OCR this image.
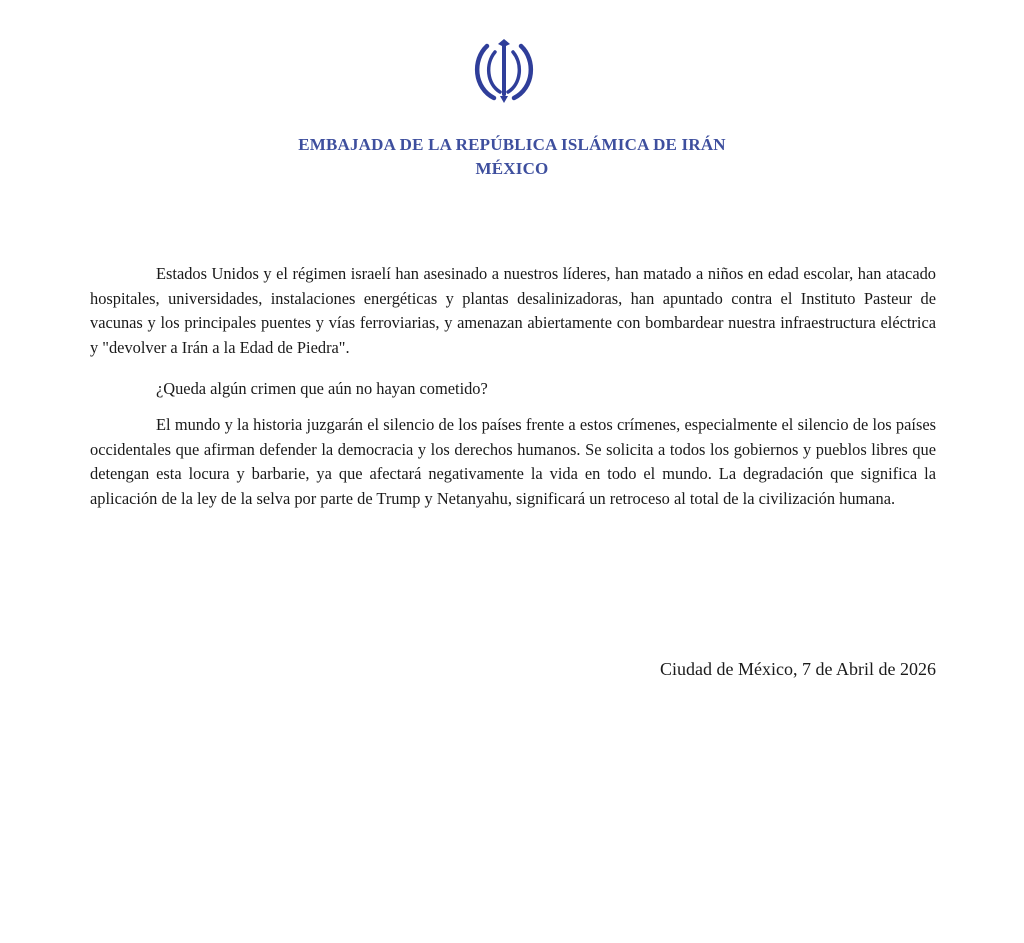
EMBAJADA DE LA REPÚBLICA ISLÁMICA DE IRÁN
MÉXICO

Estados Unidos y el régimen israelí han asesinado a nuestros líderes, han matado a niños en edad escolar, han atacado hospitales, universidades, instalaciones energéticas y plantas desalinizadoras, han apuntado contra el Instituto Pasteur de vacunas y los principales puentes y vías ferroviarias, y amenazan abiertamente con bombardear nuestra infraestructura eléctrica y "devolver a Irán a la Edad de Piedra".

¿Queda algún crimen que aún no hayan cometido?

El mundo y la historia juzgarán el silencio de los países frente a estos crímenes, especialmente el silencio de los países occidentales que afirman defender la democracia y los derechos humanos. Se solicita a todos los gobiernos y pueblos libres que detengan esta locura y barbarie, ya que afectará negativamente la vida en todo el mundo. La degradación que significa la aplicación de la ley de la selva por parte de Trump y Netanyahu, significará un retroceso al total de la civilización humana.

Ciudad de México, 7 de Abril de 2026
